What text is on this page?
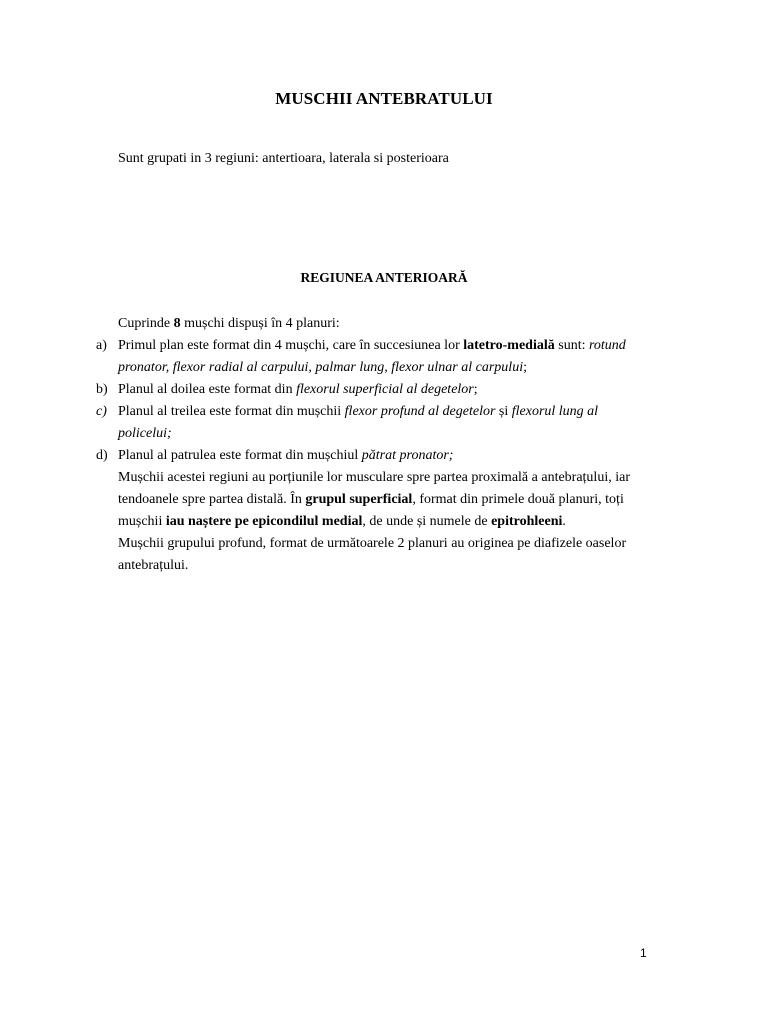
MUSCHII ANTEBRATULUI
Sunt grupati in 3 regiuni: antertioara, laterala si posterioara
REGIUNEA ANTERIOARĂ
Cuprinde 8 mușchi dispuși în 4 planuri:
a) Primul plan este format din 4 mușchi, care în succesiunea lor latetro-medială sunt: rotund
pronator, flexor radial al carpului, palmar lung, flexor ulnar al carpului;
b) Planul al doilea este format din flexorul superficial al degetelor;
c) Planul al treilea este format din mușchii flexor profund al degetelor și flexorul lung al
policelui;
d) Planul al patrulea este format din mușchiul pătrat pronator;
Mușchii acestei regiuni au porțiunile lor musculare spre partea proximală a antebrațului, iar
tendoanele spre partea distală. În grupul superficial, format din primele două planuri, toți
mușchii iau naștere pe epicondilul medial, de unde și numele de epitrohleeni.
Mușchii grupului profund, format de următoarele 2 planuri au originea pe diafizele oaselor
antebrațului.
1
